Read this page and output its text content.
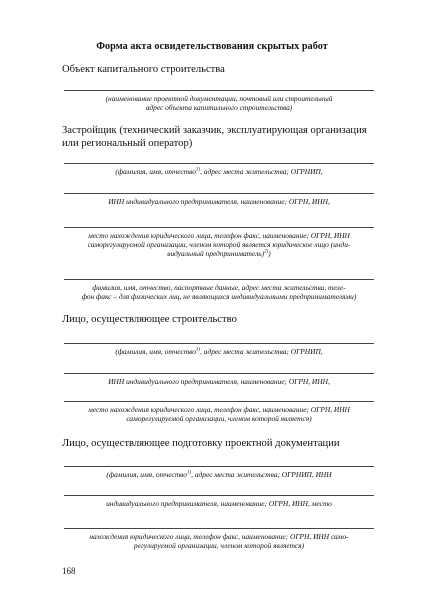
Форма акта освидетельствования скрытых работ
Объект капитального строительства
(наименование проектной документации, почтовый или строительный
адрес объекта капитального строительства)
Застройщик (технический заказчик, эксплуатирующая организация или региональный оператор)
(фамилия, имя, отчество$^{1)}$, адрес места жительства; ОГРНИП,
ИНН индивидуального предпринимателя, наименование; ОГРН, ИНН,
место нахождения юридического лица, телефон факс, наименование; ОГРН, ИНН
саморегулируемой организации, членом которой является юридическое лицо (инди-
видуальный предприниматель)$^{2)}$)
фамилия, имя, отчество, паспортные данные, адрес места жительства, теле-
фон факс – для физических лиц, не являющихся индивидуальными предпринимателями)
Лицо, осуществляющее строительство
(фамилия, имя, отчество$^{1)}$, адрес места жительства; ОГРНИП,
ИНН индивидуального предпринимателя, наименование; ОГРН, ИНН,
место нахождения юридического лица, телефон факс, наименование; ОГРН, ИНН
саморегулируемой организации, членом которой является)
Лицо, осуществляющее подготовку проектной документации
(фамилия, имя, отчество$^{1)}$, адрес места жительства; ОГРНИП, ИНН
индивидуального предпринимателя, наименование; ОГРН, ИНН, место
нахождения юридического лица, телефон факс, наименование; ОГРН, ИНН само-
регулируемой организации, членом которой является)
168
